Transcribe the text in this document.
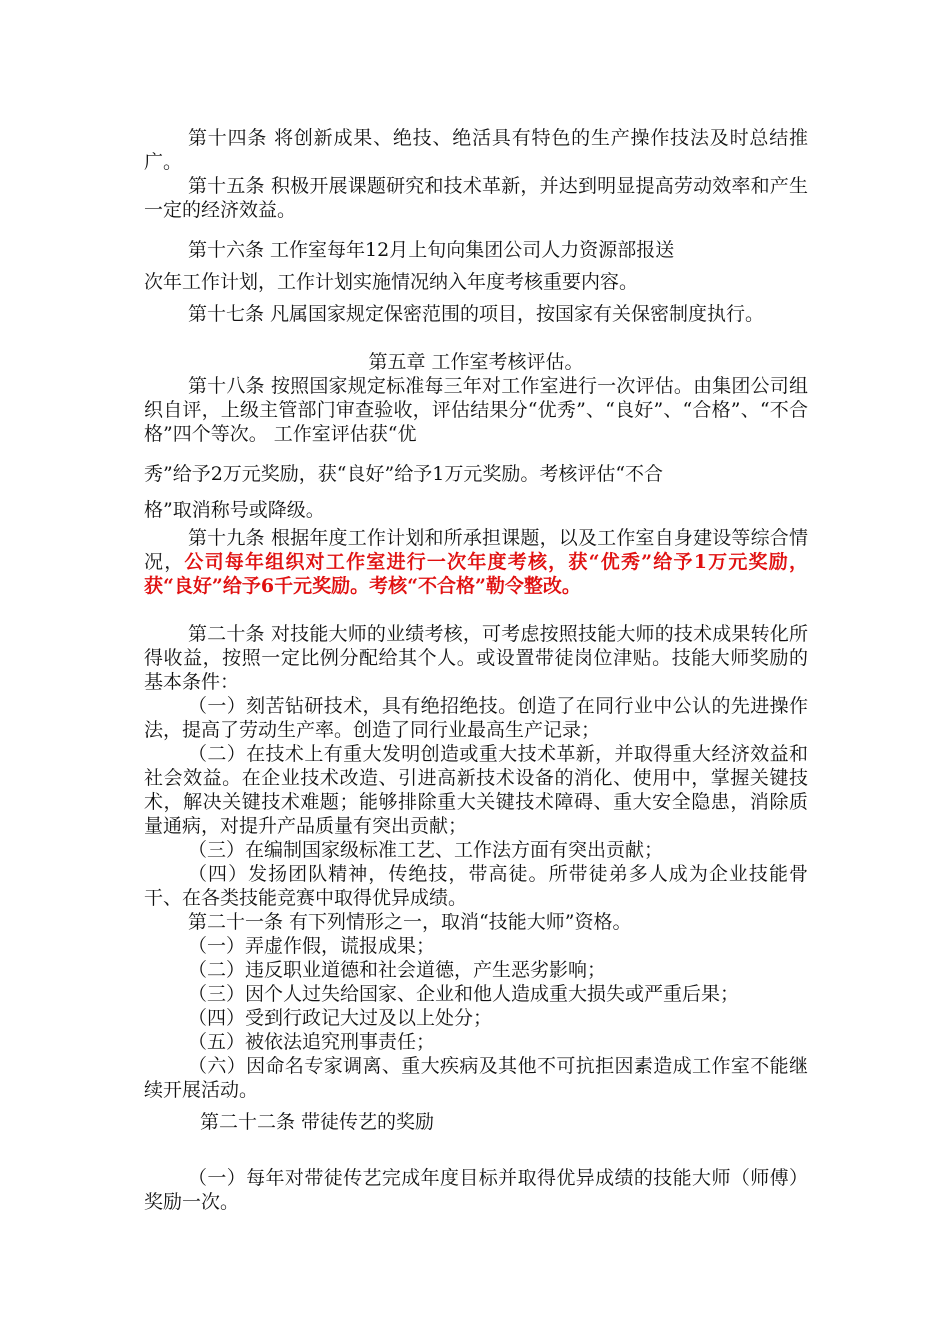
第十四条 将创新成果、绝技、绝活具有特色的生产操作技法及时总结推广。

第十五条 积极开展课题研究和技术革新，并达到明显提高劳动效率和产生一定的经济效益。

第十六条 工作室每年12月上旬向集团公司人力资源部报送

次年工作计划，工作计划实施情况纳入年度考核重要内容。

第十七条 凡属国家规定保密范围的项目，按国家有关保密制度执行。

第五章 工作室考核评估。

第十八条 按照国家规定标准每三年对工作室进行一次评估。由集团公司组织自评，上级主管部门审查验收，评估结果分“优秀”、“良好”、“合格”、“不合格”四个等次。 工作室评估获“优

秀”给予2万元奖励，获“良好”给予1万元奖励。考核评估“不合

格”取消称号或降级。

第十九条 根据年度工作计划和所承担课题，以及工作室自身建设等综合情况，公司每年组织对工作室进行一次年度考核，获“优秀”给予1万元奖励，获“良好”给予6千元奖励。考核“不合格”勒令整改。

第二十条 对技能大师的业绩考核，可考虑按照技能大师的技术成果转化所得收益，按照一定比例分配给其个人。或设置带徒岗位津贴。技能大师奖励的基本条件：

（一）刻苦钻研技术，具有绝招绝技。创造了在同行业中公认的先进操作法，提高了劳动生产率。创造了同行业最高生产记录；

（二）在技术上有重大发明创造或重大技术革新，并取得重大经济效益和社会效益。在企业技术改造、引进高新技术设备的消化、使用中，掌握关键技术，解决关键技术难题；能够排除重大关键技术障碍、重大安全隐患，消除质量通病，对提升产品质量有突出贡献；

（三）在编制国家级标准工艺、工作法方面有突出贡献；

（四）发扬团队精神，传绝技，带高徒。所带徒弟多人成为企业技能骨干、在各类技能竞赛中取得优异成绩。

第二十一条 有下列情形之一，取消“技能大师”资格。

（一）弄虚作假，谎报成果；

（二）违反职业道德和社会道德，产生恶劣影响；

（三）因个人过失给国家、企业和他人造成重大损失或严重后果；

（四）受到行政记大过及以上处分；

（五）被依法追究刑事责任；

（六）因命名专家调离、重大疾病及其他不可抗拒因素造成工作室不能继续开展活动。

第二十二条 带徒传艺的奖励

（一）每年对带徒传艺完成年度目标并取得优异成绩的技能大师（师傅）奖励一次。
